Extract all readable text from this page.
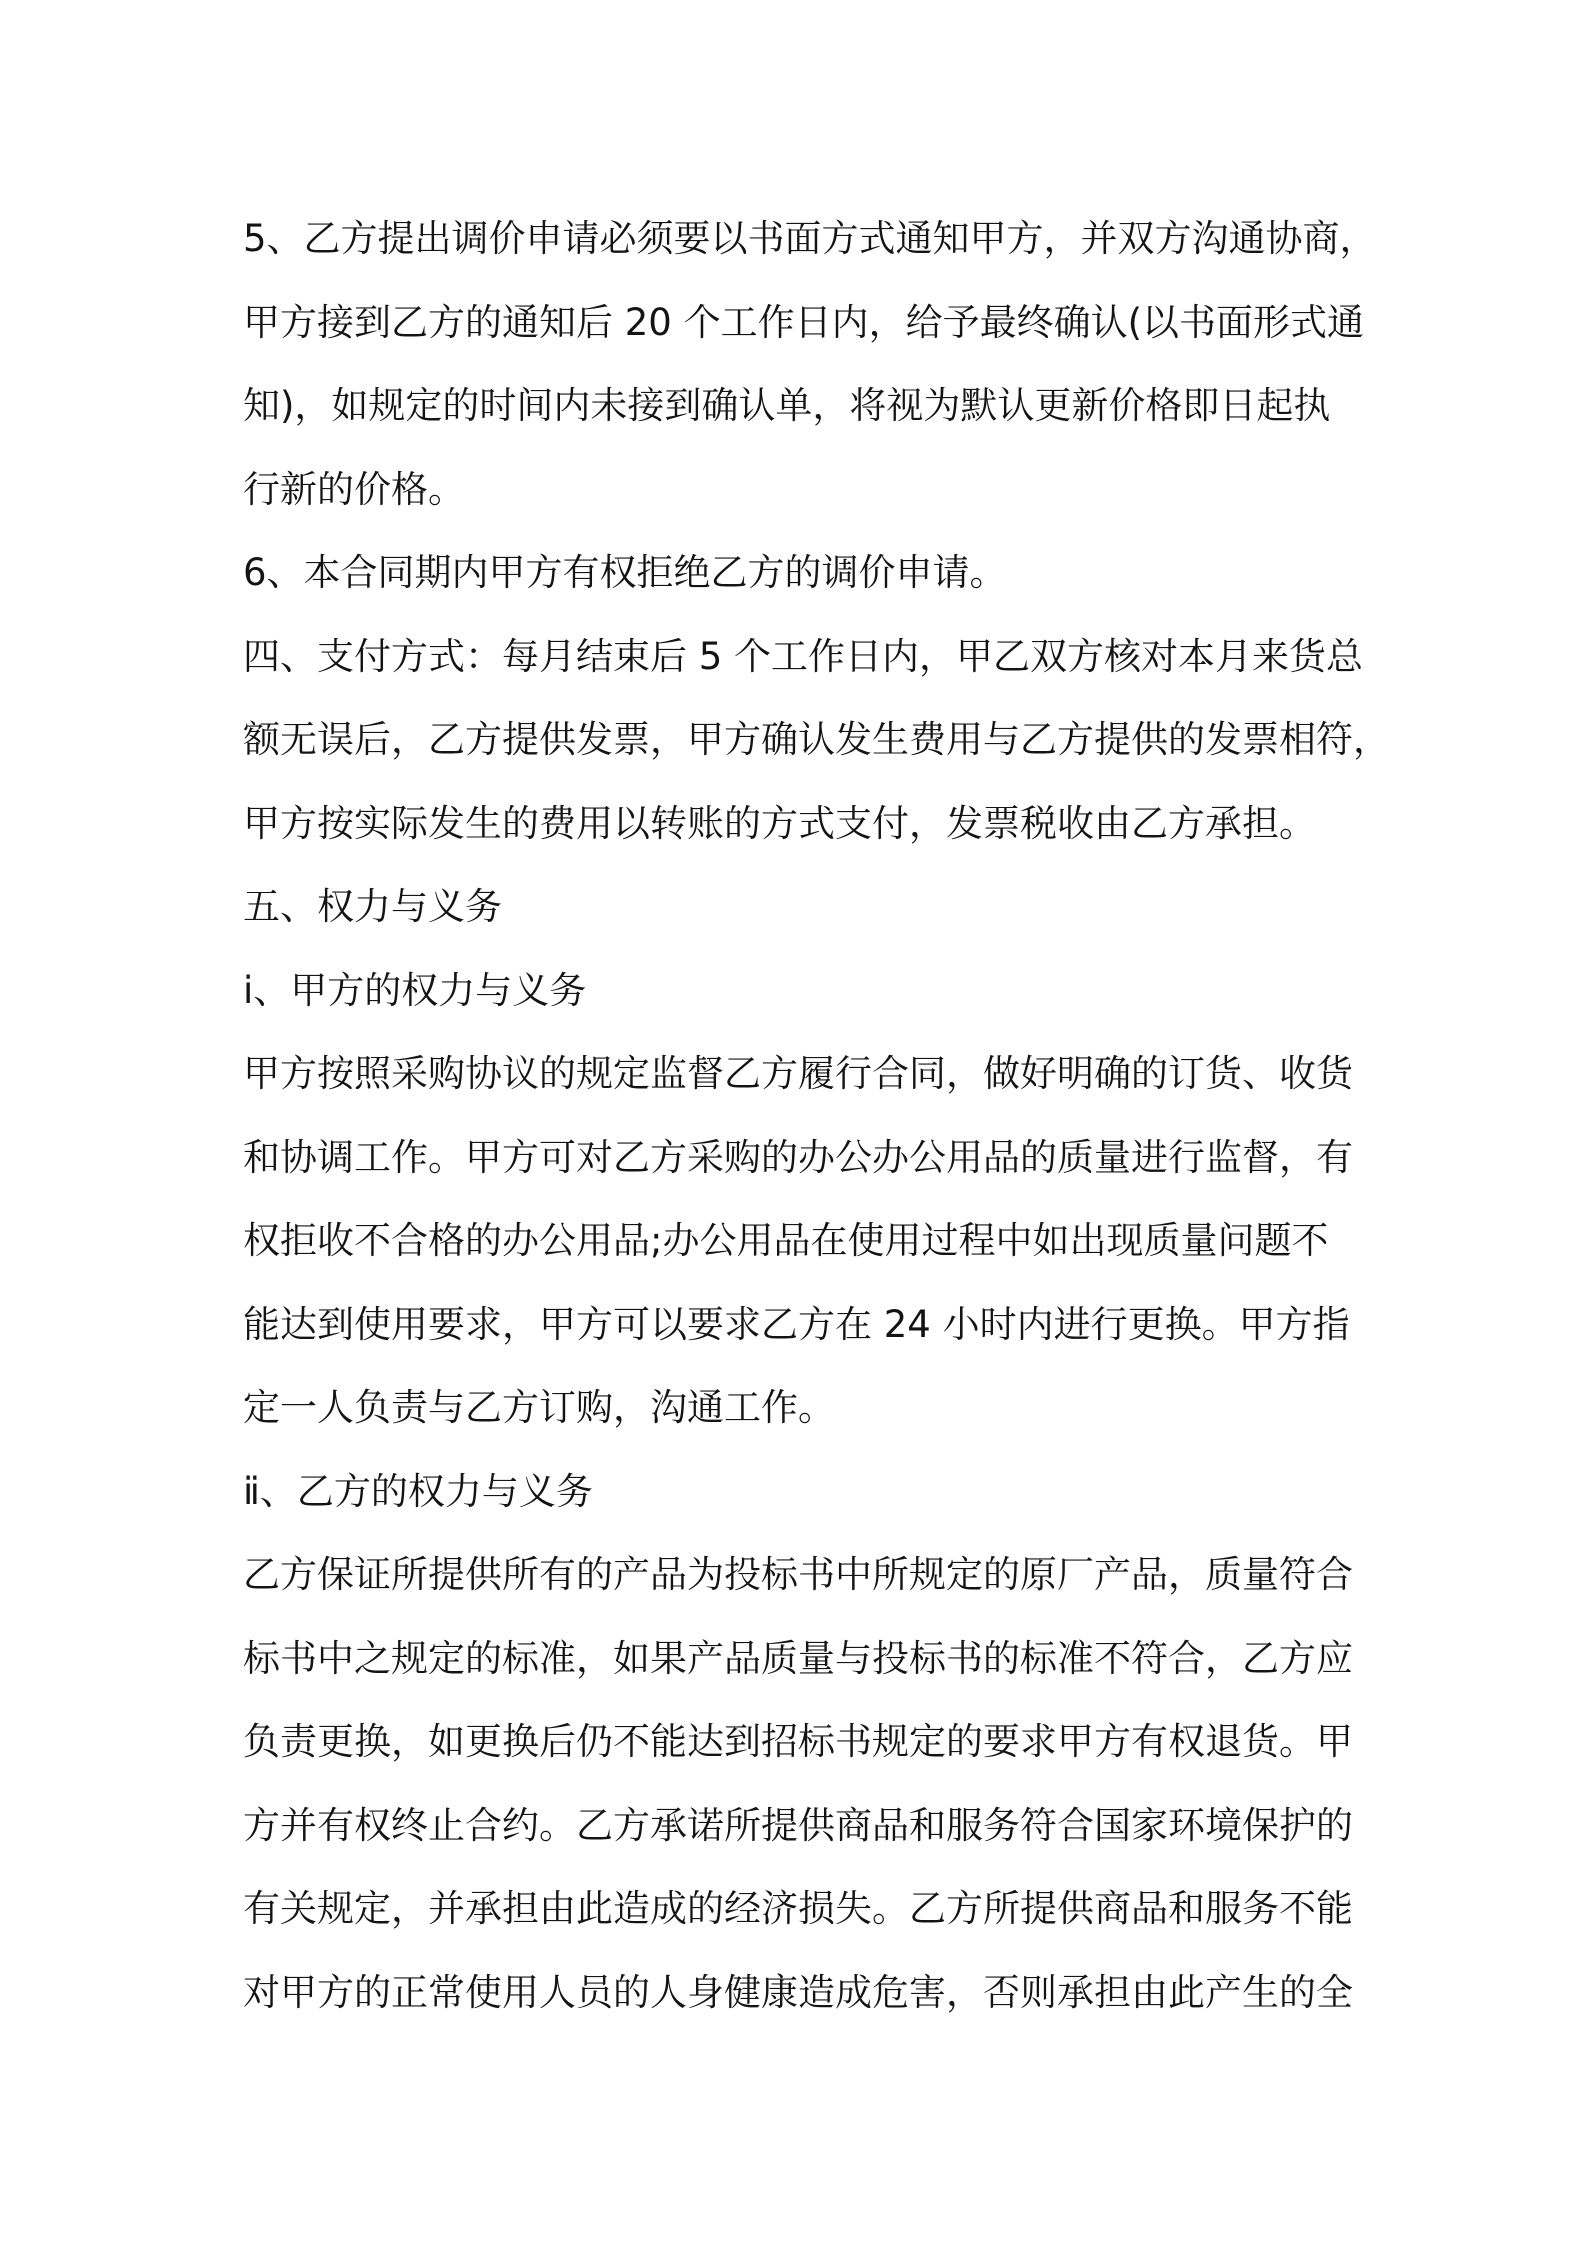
5、乙方提出调价申请必须要以书面方式通知甲方，并双方沟通协商，
甲方接到乙方的通知后 20 个工作日内，给予最终确认(以书面形式通
知)，如规定的时间内未接到确认单，将视为默认更新价格即日起执
行新的价格。
6、本合同期内甲方有权拒绝乙方的调价申请。
四、支付方式：每月结束后 5 个工作日内，甲乙双方核对本月来货总
额无误后，乙方提供发票，甲方确认发生费用与乙方提供的发票相符，
甲方按实际发生的费用以转账的方式支付，发票税收由乙方承担。
五、权力与义务
ⅰ、甲方的权力与义务
甲方按照采购协议的规定监督乙方履行合同，做好明确的订货、收货
和协调工作。甲方可对乙方采购的办公办公用品的质量进行监督，有
权拒收不合格的办公用品;办公用品在使用过程中如出现质量问题不
能达到使用要求，甲方可以要求乙方在 24 小时内进行更换。甲方指
定一人负责与乙方订购，沟通工作。
ⅱ、乙方的权力与义务
乙方保证所提供所有的产品为投标书中所规定的原厂产品，质量符合
标书中之规定的标准，如果产品质量与投标书的标准不符合，乙方应
负责更换，如更换后仍不能达到招标书规定的要求甲方有权退货。甲
方并有权终止合约。乙方承诺所提供商品和服务符合国家环境保护的
有关规定，并承担由此造成的经济损失。乙方所提供商品和服务不能
对甲方的正常使用人员的人身健康造成危害，否则承担由此产生的全
